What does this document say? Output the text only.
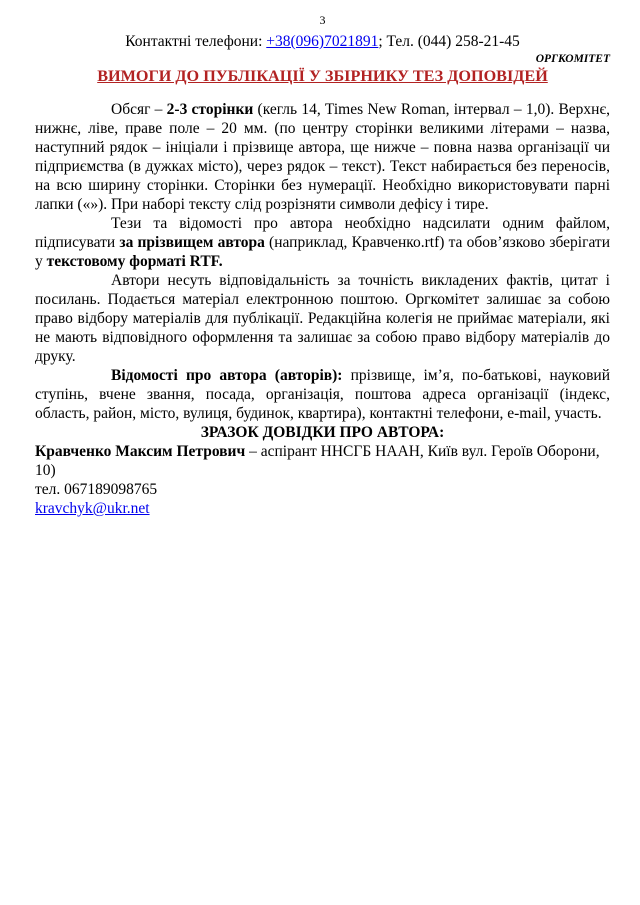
3
Контактні телефони: +38(096)7021891; Тел. (044) 258-21-45
ОРГКОМІТЕТ
ВИМОГИ ДО ПУБЛІКАЦІЇ У ЗБІРНИКУ ТЕЗ ДОПОВІДЕЙ

Обсяг – 2-3 сторінки (кегль 14, Times New Roman, інтервал – 1,0). Верхнє, нижнє, ліве, праве поле – 20 мм. (по центру сторінки великими літерами – назва, наступний рядок – ініціали і прізвище автора, ще нижче – повна назва організації чи підприємства (в дужках місто), через рядок – текст). Текст набирається без переносів, на всю ширину сторінки. Сторінки без нумерації. Необхідно використовувати парні лапки («»). При наборі тексту слід розрізняти символи дефісу і тире.

Тези та відомості про автора необхідно надсилати одним файлом, підписувати за прізвищем автора (наприклад, Кравченко.rtf) та обов’язково зберігати у текстовому форматі RTF.

Автори несуть відповідальність за точність викладених фактів, цитат і посилань. Подається матеріал електронною поштою. Оргкомітет залишає за собою право відбору матеріалів для публікації. Редакційна колегія не приймає матеріали, які не мають відповідного оформлення та залишає за собою право відбору матеріалів до друку.

Відомості про автора (авторів): прізвище, ім’я, по-батькові, науковий ступінь, вчене звання, посада, організація, поштова адреса організації (індекс, область, район, місто, вулиця, будинок, квартира), контактні телефони, e-mail, участь.

ЗРАЗОК ДОВІДКИ ПРО АВТОРА:

Кравченко Максим Петрович – аспірант ННСГБ НААН, Київ вул. Героїв Оборони, 10)

тел. 067189098765

kravchyk@ukr.net
